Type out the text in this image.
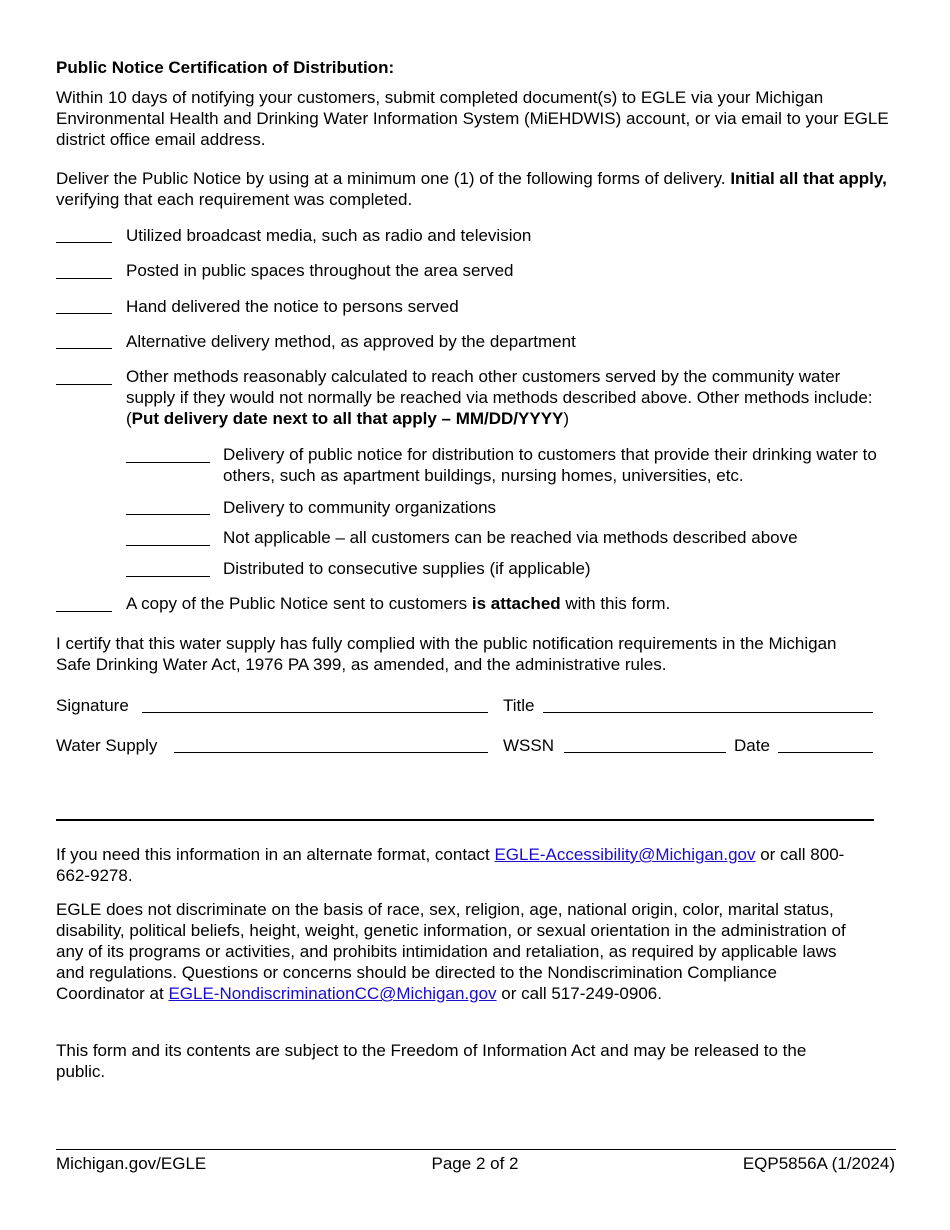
Public Notice Certification of Distribution:
Within 10 days of notifying your customers, submit completed document(s) to EGLE via your Michigan Environmental Health and Drinking Water Information System (MiEHDWIS) account, or via email to your EGLE district office email address.
Deliver the Public Notice by using at a minimum one (1) of the following forms of delivery. Initial all that apply, verifying that each requirement was completed.
Utilized broadcast media, such as radio and television
Posted in public spaces throughout the area served
Hand delivered the notice to persons served
Alternative delivery method, as approved by the department
Other methods reasonably calculated to reach other customers served by the community water supply if they would not normally be reached via methods described above. Other methods include: (Put delivery date next to all that apply – MM/DD/YYYY)
Delivery of public notice for distribution to customers that provide their drinking water to others, such as apartment buildings, nursing homes, universities, etc.
Delivery to community organizations
Not applicable – all customers can be reached via methods described above
Distributed to consecutive supplies (if applicable)
A copy of the Public Notice sent to customers is attached with this form.
I certify that this water supply has fully complied with the public notification requirements in the Michigan Safe Drinking Water Act, 1976 PA 399, as amended, and the administrative rules.
Signature	Title
Water Supply	WSSN	Date
If you need this information in an alternate format, contact EGLE-Accessibility@Michigan.gov or call 800-662-9278.
EGLE does not discriminate on the basis of race, sex, religion, age, national origin, color, marital status, disability, political beliefs, height, weight, genetic information, or sexual orientation in the administration of any of its programs or activities, and prohibits intimidation and retaliation, as required by applicable laws and regulations. Questions or concerns should be directed to the Nondiscrimination Compliance Coordinator at EGLE-NondiscriminationCC@Michigan.gov or call 517-249-0906.
This form and its contents are subject to the Freedom of Information Act and may be released to the public.
Michigan.gov/EGLE	Page 2 of 2	EQP5856A (1/2024)
